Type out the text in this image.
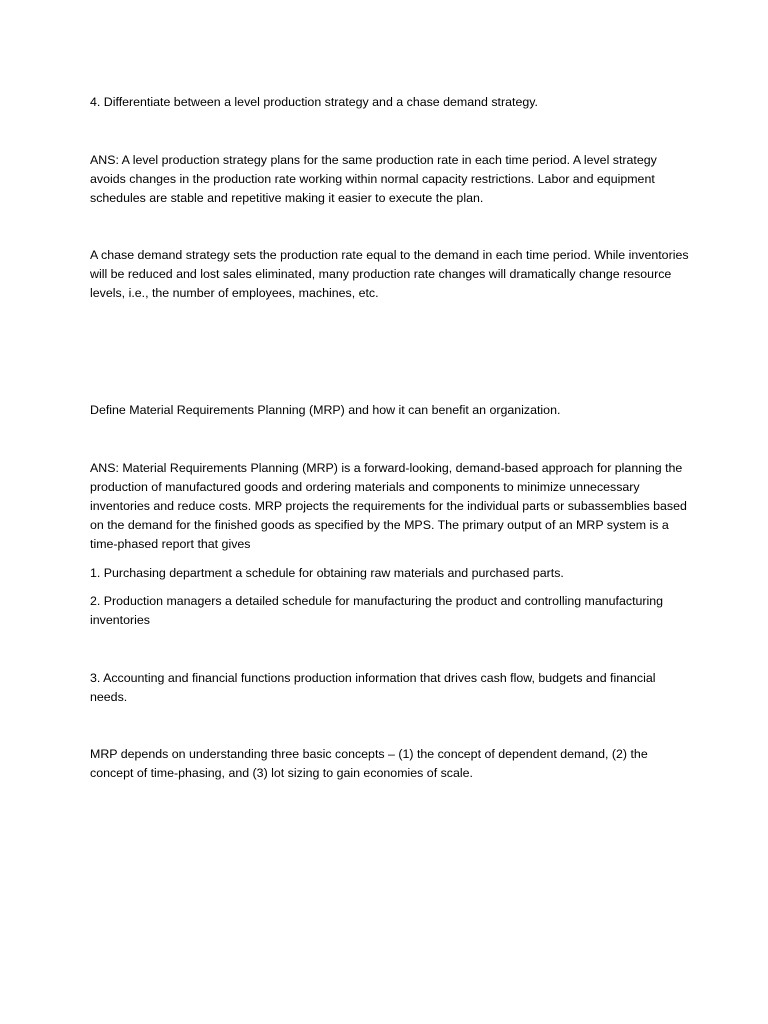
4. Differentiate between a level production strategy and a chase demand strategy.

ANS: A level production strategy plans for the same production rate in each time period. A level strategy avoids changes in the production rate working within normal capacity restrictions. Labor and equipment schedules are stable and repetitive making it easier to execute the plan.

A chase demand strategy sets the production rate equal to the demand in each time period. While inventories will be reduced and lost sales eliminated, many production rate changes will dramatically change resource levels, i.e., the number of employees, machines, etc.

Define Material Requirements Planning (MRP) and how it can benefit an organization.

ANS: Material Requirements Planning (MRP) is a forward-looking, demand-based approach for planning the production of manufactured goods and ordering materials and components to minimize unnecessary inventories and reduce costs. MRP projects the requirements for the individual parts or subassemblies based on the demand for the finished goods as specified by the MPS. The primary output of an MRP system is a time-phased report that gives

1. Purchasing department a schedule for obtaining raw materials and purchased parts.

2. Production managers a detailed schedule for manufacturing the product and controlling manufacturing inventories

3. Accounting and financial functions production information that drives cash flow, budgets and financial needs.

MRP depends on understanding three basic concepts – (1) the concept of dependent demand, (2) the concept of time-phasing, and (3) lot sizing to gain economies of scale.
